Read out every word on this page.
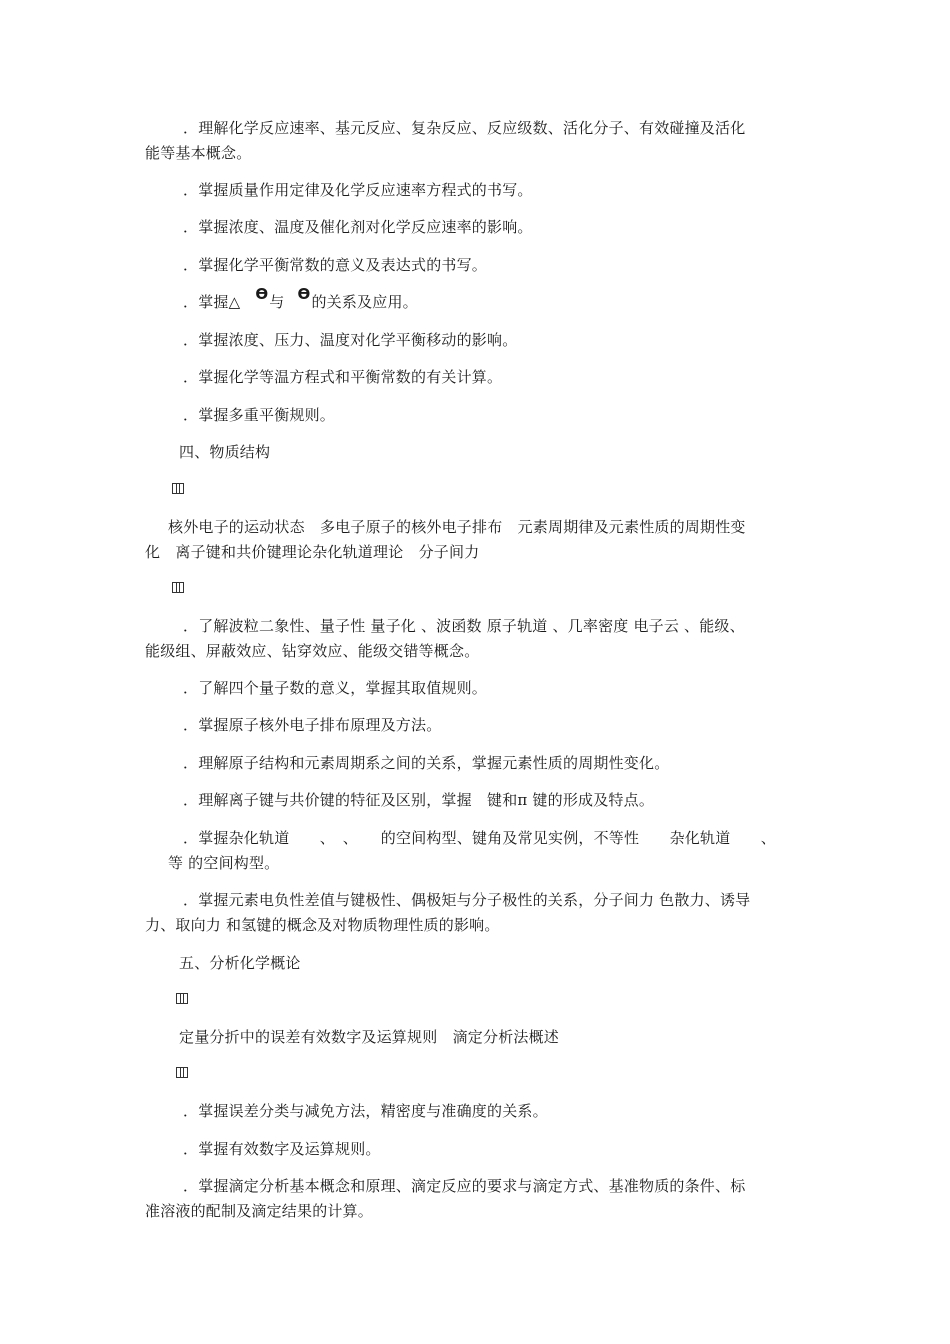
．理解化学反应速率、基元反应、复杂反应、反应级数、活化分子、有效碰撞及活化
能等基本概念。
．掌握质量作用定律及化学反应速率方程式的书写。
．掌握浓度、温度及催化剂对化学反应速率的影响。
．掌握化学平衡常数的意义及表达式的书写。
．掌握△ Ө与 Ө的关系及应用。
．掌握浓度、压力、温度对化学平衡移动的影响。
．掌握化学等温方程式和平衡常数的有关计算。
．掌握多重平衡规则。
四、物质结构
核外电子的运动状态　多电子原子的核外电子排布　元素周期律及元素性质的周期性变
化　离子键和共价键理论杂化轨道理论　分子间力
．了解波粒二象性、量子性 量子化 、波函数 原子轨道 、几率密度 电子云 、能级、
能级组、屏蔽效应、钻穿效应、能级交错等概念。
．了解四个量子数的意义，掌握其取值规则。
．掌握原子核外电子排布原理及方法。
．理解原子结构和元素周期系之间的关系，掌握元素性质的周期性变化。
．理解离子键与共价键的特征及区别，掌握　键和π 键的形成及特点。
．掌握杂化轨道　　、　、　　的空间构型、键角及常见实例，不等性　　杂化轨道　　、
等 的空间构型。
．掌握元素电负性差值与键极性、偶极矩与分子极性的关系，分子间力 色散力、诱导
力、取向力 和氢键的概念及对物质物理性质的影响。
五、分析化学概论
定量分折中的误差有效数字及运算规则　滴定分析法概述
．掌握误差分类与减免方法，精密度与准确度的关系。
．掌握有效数字及运算规则。
．掌握滴定分析基本概念和原理、滴定反应的要求与滴定方式、基准物质的条件、标
准溶液的配制及滴定结果的计算。
